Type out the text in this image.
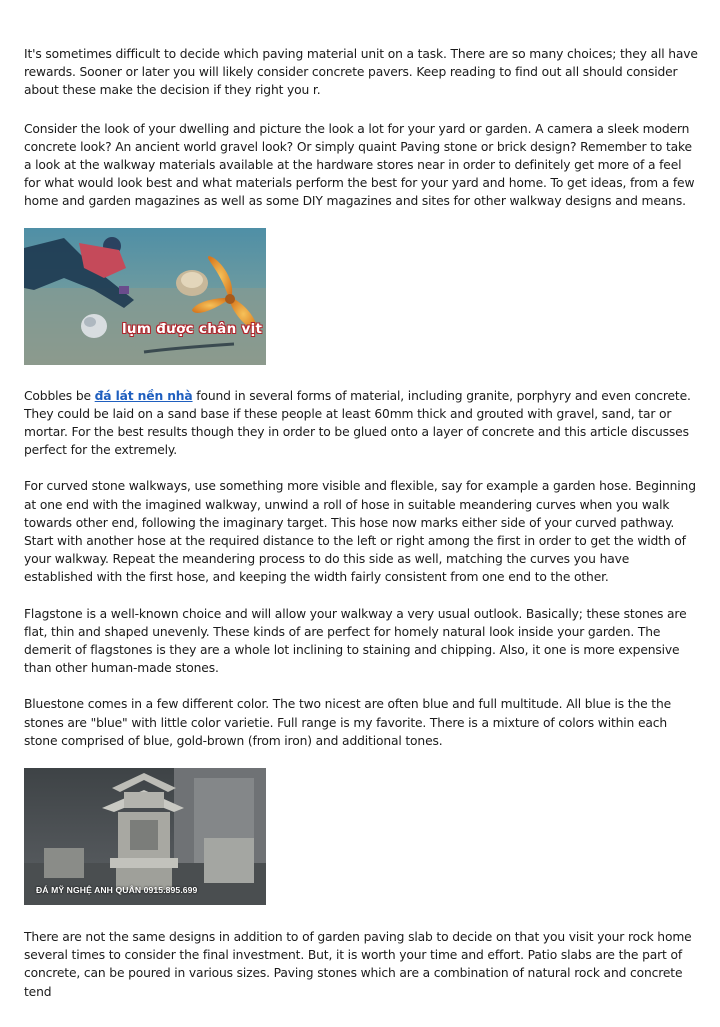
It's sometimes difficult to decide which paving material unit on a task. There are so many choices; they all have rewards. Sooner or later you will likely consider concrete pavers. Keep reading to find out all should consider about these make the decision if they right you r.

Consider the look of your dwelling and picture the look a lot for your yard or garden. A camera a sleek modern concrete look? An ancient world gravel look? Or simply quaint Paving stone or brick design? Remember to take a look at the walkway materials available at the hardware stores near in order to definitely get more of a feel for what would look best and what materials perform the best for your yard and home. To get ideas, from a few home and garden magazines as well as some DIY magazines and sites for other walkway designs and means.

lụm được chân vịt

Cobbles be đá lát nền nhà found in several forms of material, including granite, porphyry and even concrete. They could be laid on a sand base if these people at least 60mm thick and grouted with gravel, sand, tar or mortar. For the best results though they in order to be glued onto a layer of concrete and this article discusses perfect for the extremely.

For curved stone walkways, use something more visible and flexible, say for example a garden hose. Beginning at one end with the imagined walkway, unwind a roll of hose in suitable meandering curves when you walk towards other end, following the imaginary target. This hose now marks either side of your curved pathway. Start with another hose at the required distance to the left or right among the first in order to get the width of your walkway. Repeat the meandering process to do this side as well, matching the curves you have established with the first hose, and keeping the width fairly consistent from one end to the other.

Flagstone is a well-known choice and will allow your walkway a very usual outlook. Basically; these stones are flat, thin and shaped unevenly. These kinds of are perfect for homely natural look inside your garden. The demerit of flagstones is they are a whole lot inclining to staining and chipping. Also, it one is more expensive than other human-made stones.

Bluestone comes in a few different color. The two nicest are often blue and full multitude. All blue is the the stones are "blue" with little color varietie. Full range is my favorite. There is a mixture of colors within each stone comprised of blue, gold-brown (from iron) and additional tones.

ĐÁ MỸ NGHỆ ANH QUÂN 0915.895.699

There are not the same designs in addition to of garden paving slab to decide on that you visit your rock home several times to consider the final investment. But, it is worth your time and effort. Patio slabs are the part of concrete, can be poured in various sizes. Paving stones which are a combination of natural rock and concrete tend
